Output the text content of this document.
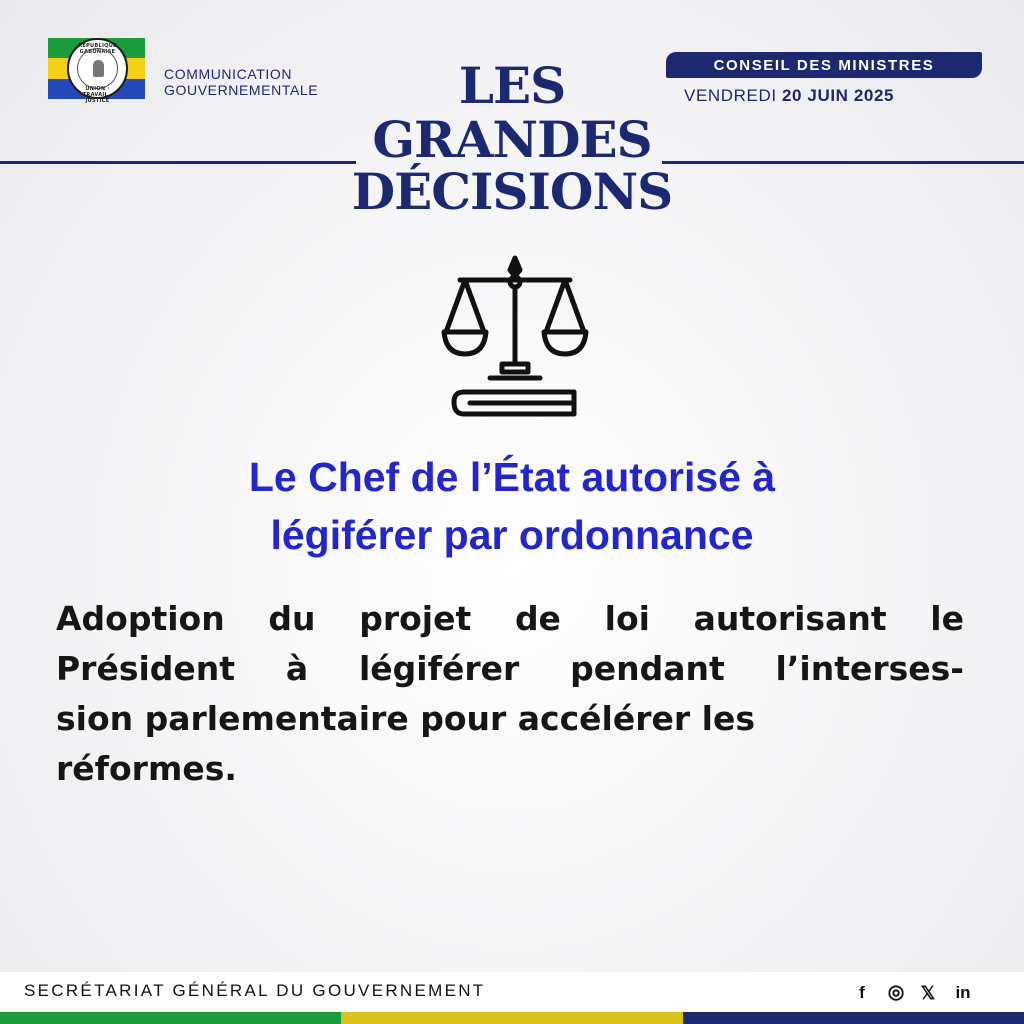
RÉPUBLIQUE GABONAISE
UNION · TRAVAIL · JUSTICE
COMMUNICATION
GOUVERNEMENTALE
CONSEIL DES MINISTRES
VENDREDI 20 JUIN 2025
LES
GRANDES
DÉCISIONS
Le Chef de l’État autorisé à
légiférer par ordonnance
Adoption du projet de loi autorisant le
Président à légiférer pendant l’interses-
sion parlementaire pour accélérer les
réformes.
SECRÉTARIAT GÉNÉRAL DU GOUVERNEMENT	f	◎ 𝕏	in
